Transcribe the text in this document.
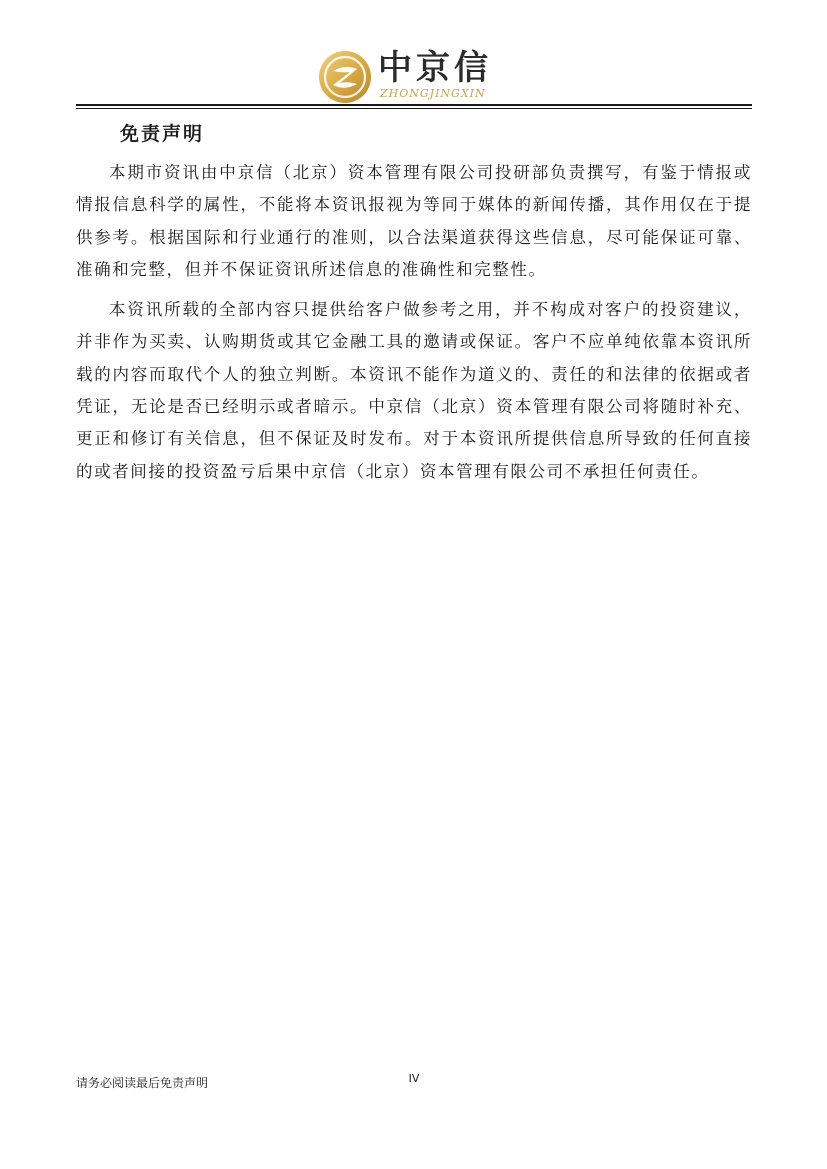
中京信
ZHONGJINGXIN
免责声明

本期市资讯由中京信（北京）资本管理有限公司投研部负责撰写，有鉴于情报或情报信息科学的属性，不能将本资讯报视为等同于媒体的新闻传播，其作用仅在于提供参考。根据国际和行业通行的准则，以合法渠道获得这些信息，尽可能保证可靠、准确和完整，但并不保证资讯所述信息的准确性和完整性。

本资讯所载的全部内容只提供给客户做参考之用，并不构成对客户的投资建议，并非作为买卖、认购期货或其它金融工具的邀请或保证。客户不应单纯依靠本资讯所载的内容而取代个人的独立判断。本资讯不能作为道义的、责任的和法律的依据或者凭证，无论是否已经明示或者暗示。中京信（北京）资本管理有限公司将随时补充、更正和修订有关信息，但不保证及时发布。对于本资讯所提供信息所导致的任何直接的或者间接的投资盈亏后果中京信（北京）资本管理有限公司不承担任何责任。

请务必阅读最后免责声明	IV
